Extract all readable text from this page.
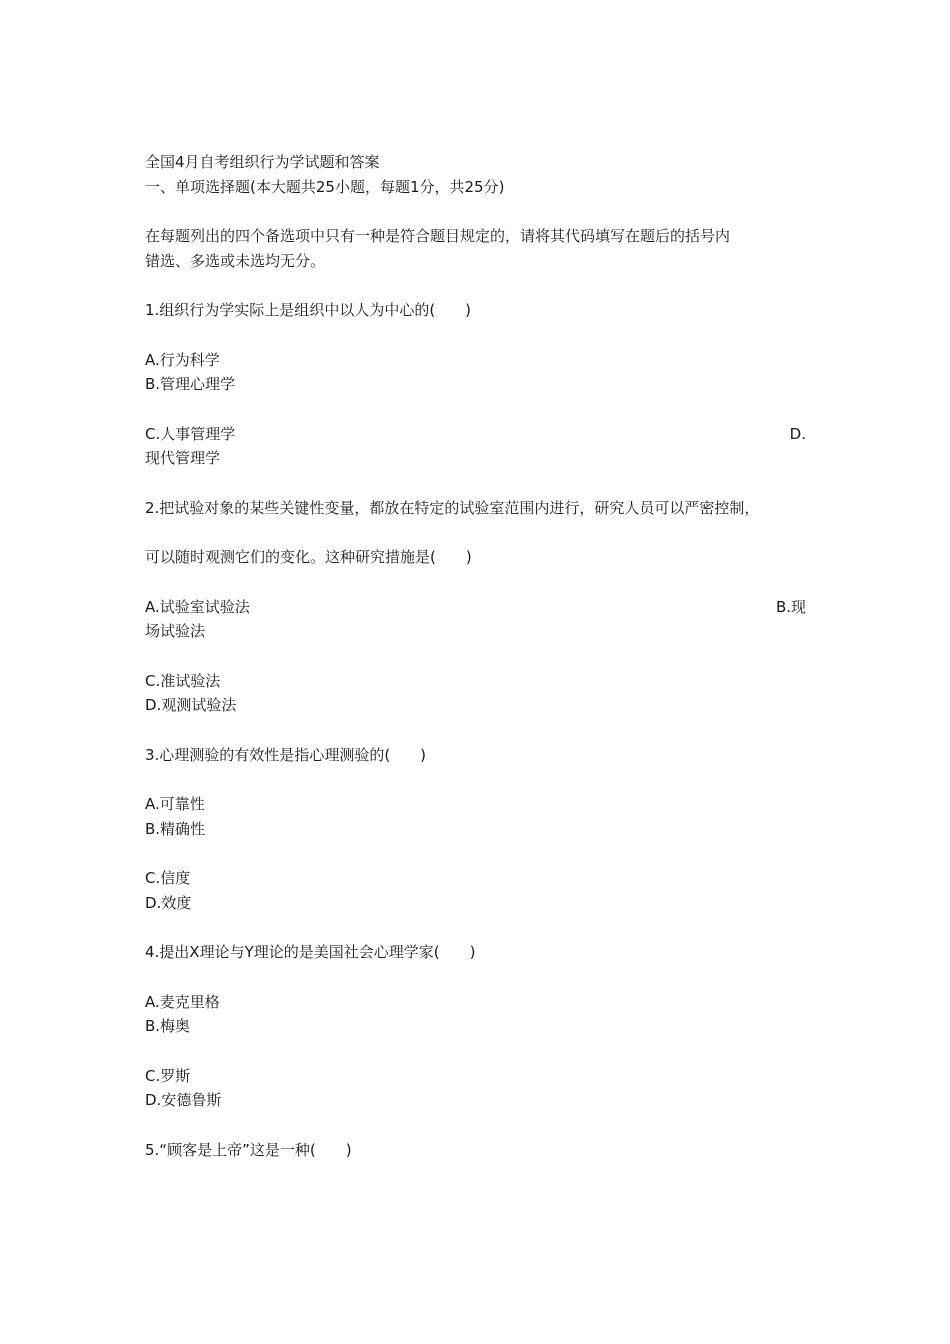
全国4月自考组织行为学试题和答案
一、单项选择题(本大题共25小题，每题1分，共25分)
在每题列出的四个备选项中只有一种是符合题目规定的，请将其代码填写在题后的括号内
错选、多选或未选均无分。
1.组织行为学实际上是组织中以人为中心的(　　)
A.行为科学
B.管理心理学
C.人事管理学	D.
现代管理学
2.把试验对象的某些关键性变量，都放在特定的试验室范围内进行，研究人员可以严密控制，
可以随时观测它们的变化。这种研究措施是(　　)
A.试验室试验法	B.现
场试验法
C.准试验法
D.观测试验法
3.心理测验的有效性是指心理测验的(　　)
A.可靠性
B.精确性
C.信度
D.效度
4.提出X理论与Y理论的是美国社会心理学家(　　)
A.麦克里格
B.梅奥
C.罗斯
D.安德鲁斯
5.“顾客是上帝”这是一种(　　)
